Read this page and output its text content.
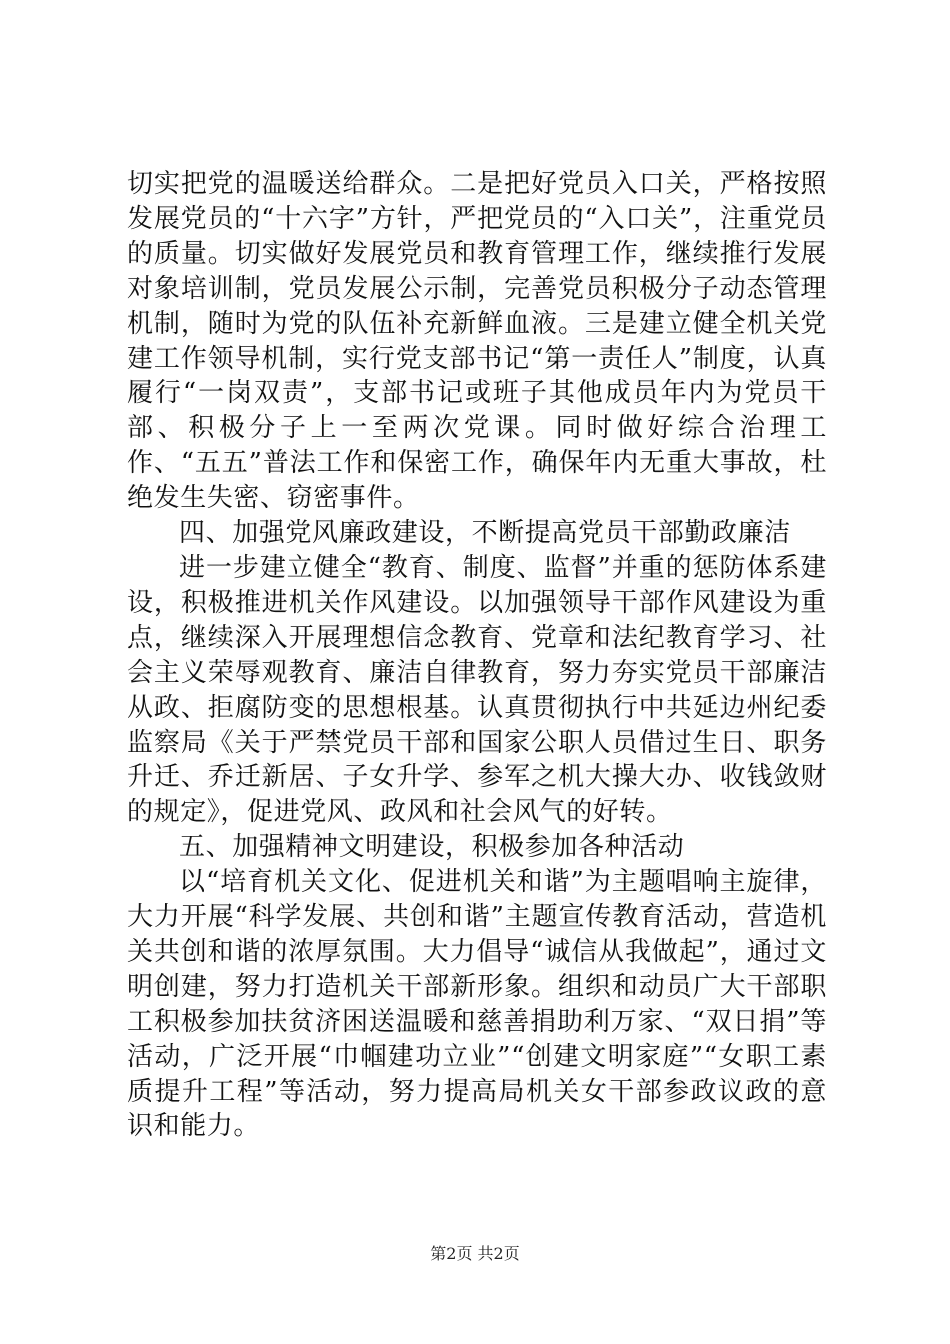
切实把党的温暖送给群众。二是把好党员入口关，严格按照发展党员的“十六字”方针，严把党员的“入口关”，注重党员的质量。切实做好发展党员和教育管理工作，继续推行发展对象培训制，党员发展公示制，完善党员积极分子动态管理机制，随时为党的队伍补充新鲜血液。三是建立健全机关党建工作领导机制，实行党支部书记“第一责任人”制度，认真履行“一岗双责”，支部书记或班子其他成员年内为党员干部、积极分子上一至两次党课。同时做好综合治理工作、“五五”普法工作和保密工作，确保年内无重大事故，杜绝发生失密、窃密事件。

四、加强党风廉政建设，不断提高党员干部勤政廉洁

进一步建立健全“教育、制度、监督”并重的惩防体系建设，积极推进机关作风建设。以加强领导干部作风建设为重点，继续深入开展理想信念教育、党章和法纪教育学习、社会主义荣辱观教育、廉洁自律教育，努力夯实党员干部廉洁从政、拒腐防变的思想根基。认真贯彻执行中共延边州纪委监察局《关于严禁党员干部和国家公职人员借过生日、职务升迁、乔迁新居、子女升学、参军之机大操大办、收钱敛财的规定》，促进党风、政风和社会风气的好转。

五、加强精神文明建设，积极参加各种活动

以“培育机关文化、促进机关和谐”为主题唱响主旋律，大力开展“科学发展、共创和谐”主题宣传教育活动，营造机关共创和谐的浓厚氛围。大力倡导“诚信从我做起”，通过文明创建，努力打造机关干部新形象。组织和动员广大干部职工积极参加扶贫济困送温暖和慈善捐助利万家、“双日捐”等活动，广泛开展“巾帼建功立业”“创建文明家庭”“女职工素质提升工程”等活动，努力提高局机关女干部参政议政的意识和能力。

第2页 共2页
